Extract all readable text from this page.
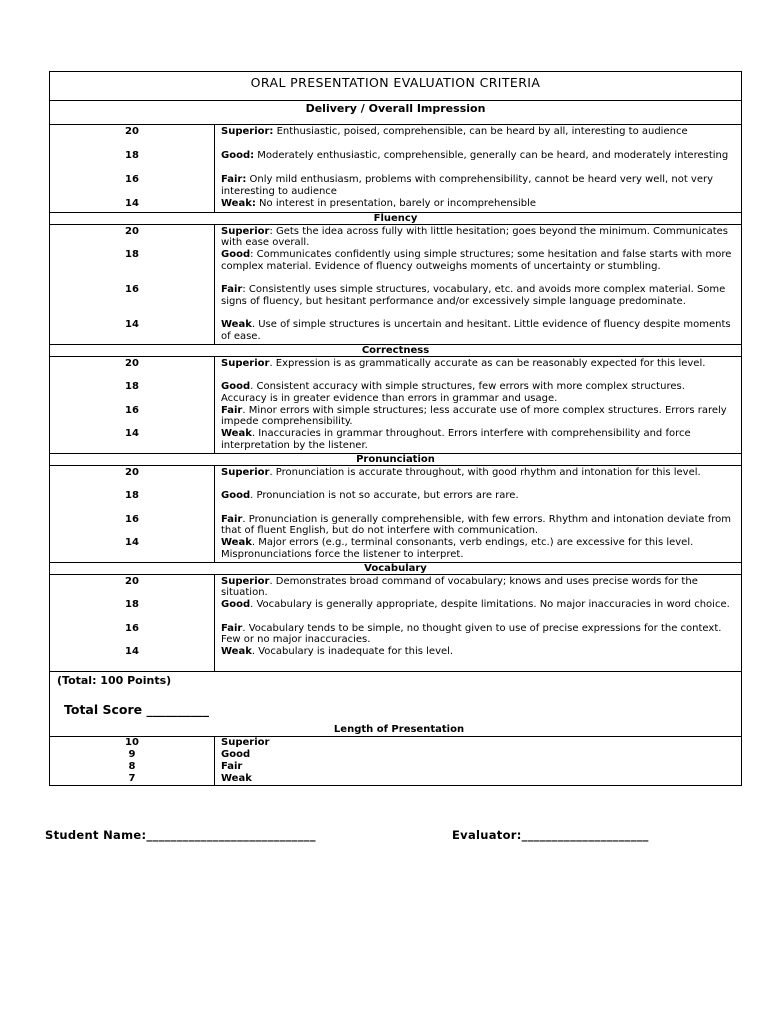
ORAL PRESENTATION EVALUATION CRITERIA
Delivery / Overall Impression
20
18
16
14
Superior: Enthusiastic, poised, comprehensible, can be heard by all, interesting to audience
Good: Moderately enthusiastic, comprehensible, generally can be heard, and moderately interesting
Fair: Only mild enthusiasm, problems with comprehensibility, cannot be heard very well, not very interesting to audience
Weak: No interest in presentation, barely or incomprehensible
Fluency
20
18
16
14
Superior: Gets the idea across fully with little hesitation; goes beyond the minimum. Communicates with ease overall.
Good: Communicates confidently using simple structures; some hesitation and false starts with more complex material. Evidence of fluency outweighs moments of uncertainty or stumbling.
Fair: Consistently uses simple structures, vocabulary, etc. and avoids more complex material. Some signs of fluency, but hesitant performance and/or excessively simple language predominate.
Weak. Use of simple structures is uncertain and hesitant. Little evidence of fluency despite moments of ease.
Correctness
20
18
16
14
Superior. Expression is as grammatically accurate as can be reasonably expected for this level.
Good. Consistent accuracy with simple structures, few errors with more complex structures. Accuracy is in greater evidence than errors in grammar and usage.
Fair. Minor errors with simple structures; less accurate use of more complex structures. Errors rarely impede comprehensibility.
Weak. Inaccuracies in grammar throughout. Errors interfere with comprehensibility and force interpretation by the listener.
Pronunciation
20
18
16
14
Superior. Pronunciation is accurate throughout, with good rhythm and intonation for this level.
Good. Pronunciation is not so accurate, but errors are rare.
Fair. Pronunciation is generally comprehensible, with few errors. Rhythm and intonation deviate from that of fluent English, but do not interfere with communication.
Weak. Major errors (e.g., terminal consonants, verb endings, etc.) are excessive for this level. Mispronunciations force the listener to interpret.
Vocabulary
20
18
16
14
Superior. Demonstrates broad command of vocabulary; knows and uses precise words for the situation.
Good. Vocabulary is generally appropriate, despite limitations. No major inaccuracies in word choice.
Fair. Vocabulary tends to be simple, no thought given to use of precise expressions for the context. Few or no major inaccuracies.
Weak. Vocabulary is inadequate for this level.
(Total: 100 Points)
Total Score __________
Length of Presentation
10
9
8
7
Superior
Good
Fair
Weak
Student Name:____________________________	Evaluator:_____________________
